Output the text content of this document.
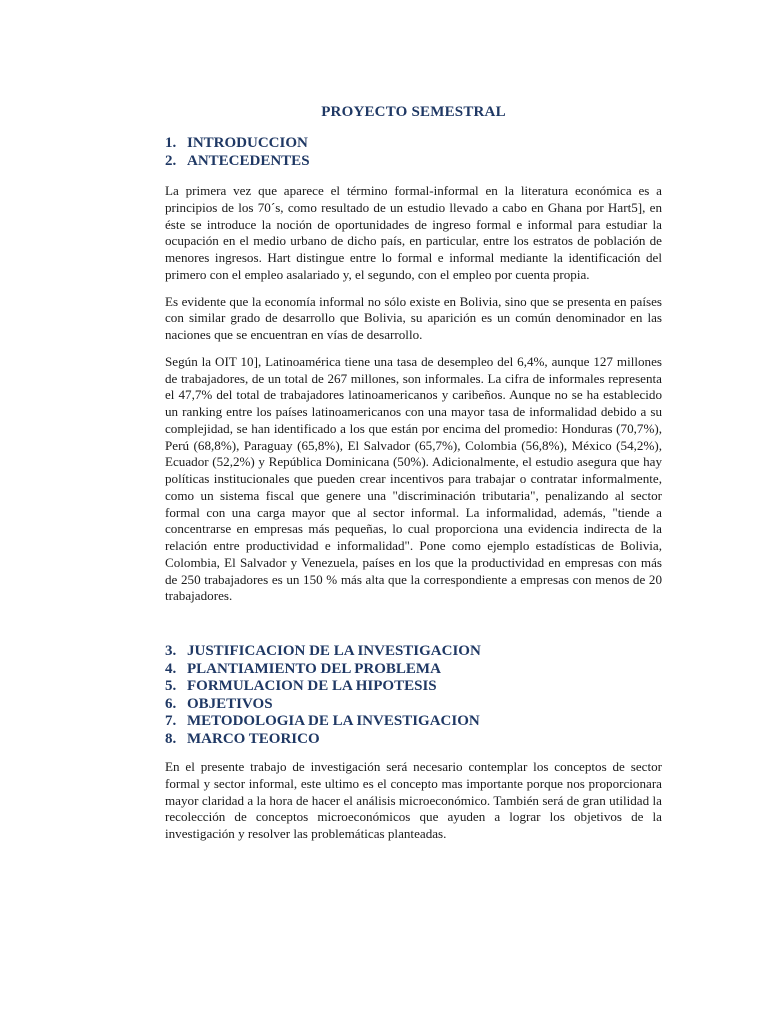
PROYECTO SEMESTRAL
1. INTRODUCCION
2. ANTECEDENTES

La primera vez que aparece el término formal-informal en la literatura económica es a principios de los 70´s, como resultado de un estudio llevado a cabo en Ghana por Hart5], en éste se introduce la noción de oportunidades de ingreso formal e informal para estudiar la ocupación en el medio urbano de dicho país, en particular, entre los estratos de población de menores ingresos. Hart distingue entre lo formal e informal mediante la identificación del primero con el empleo asalariado y, el segundo, con el empleo por cuenta propia.

Es evidente que la economía informal no sólo existe en Bolivia, sino que se presenta en países con similar grado de desarrollo que Bolivia, su aparición es un común denominador en las naciones que se encuentran en vías de desarrollo.

Según la OIT 10], Latinoamérica tiene una tasa de desempleo del 6,4%, aunque 127 millones de trabajadores, de un total de 267 millones, son informales. La cifra de informales representa el 47,7% del total de trabajadores latinoamericanos y caribeños. Aunque no se ha establecido un ranking entre los países latinoamericanos con una mayor tasa de informalidad debido a su complejidad, se han identificado a los que están por encima del promedio: Honduras (70,7%), Perú (68,8%), Paraguay (65,8%), El Salvador (65,7%), Colombia (56,8%), México (54,2%), Ecuador (52,2%) y República Dominicana (50%). Adicionalmente, el estudio asegura que hay políticas institucionales que pueden crear incentivos para trabajar o contratar informalmente, como un sistema fiscal que genere una "discriminación tributaria", penalizando al sector formal con una carga mayor que al sector informal. La informalidad, además, "tiende a concentrarse en empresas más pequeñas, lo cual proporciona una evidencia indirecta de la relación entre productividad e informalidad". Pone como ejemplo estadísticas de Bolivia, Colombia, El Salvador y Venezuela, países en los que la productividad en empresas con más de 250 trabajadores es un 150 % más alta que la correspondiente a empresas con menos de 20 trabajadores.

3. JUSTIFICACION DE LA INVESTIGACION
4. PLANTIAMIENTO DEL PROBLEMA
5. FORMULACION DE LA HIPOTESIS
6. OBJETIVOS
7. METODOLOGIA DE LA INVESTIGACION
8. MARCO TEORICO

En el presente trabajo de investigación será necesario contemplar los conceptos de sector formal y sector informal, este ultimo es el concepto mas importante porque nos proporcionara mayor claridad a la hora de hacer el análisis microeconómico. También será de gran utilidad la recolección de conceptos microeconómicos que ayuden a lograr los objetivos de la investigación y resolver las problemáticas planteadas.
